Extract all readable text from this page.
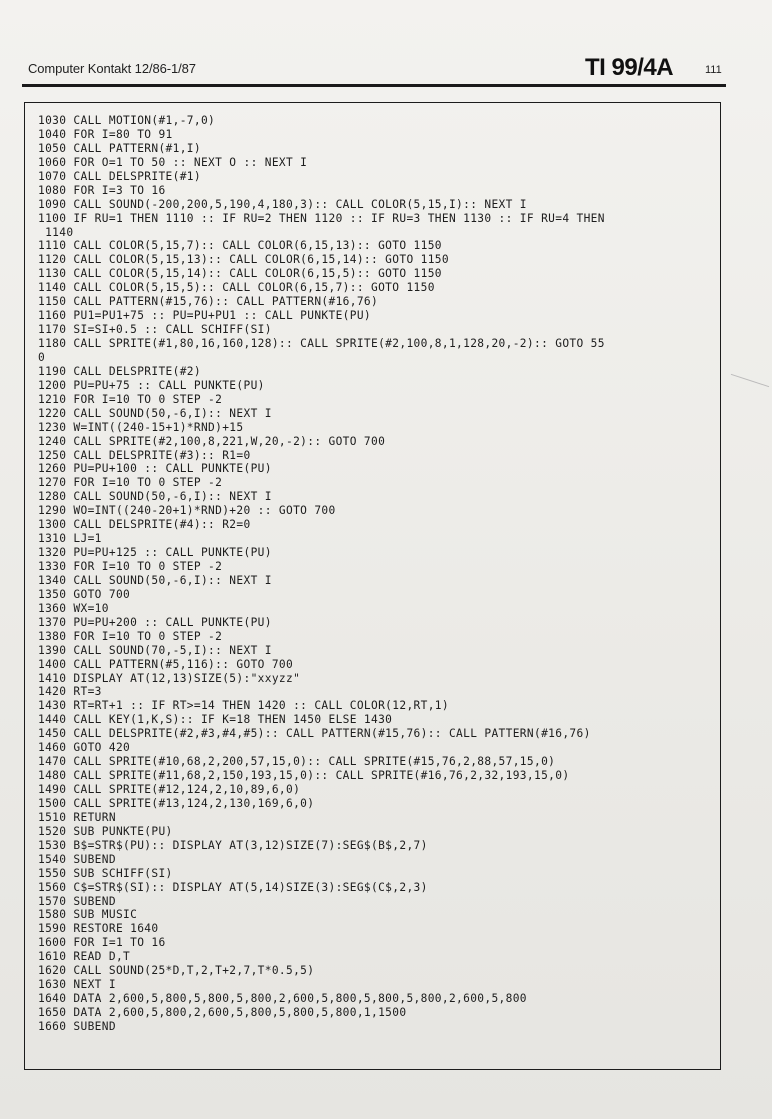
Computer Kontakt 12/86-1/87	TI 99/4A	111
1030 CALL MOTION(#1,-7,0)
1040 FOR I=80 TO 91
1050 CALL PATTERN(#1,I)
1060 FOR O=1 TO 50 :: NEXT O :: NEXT I
1070 CALL DELSPRITE(#1)
1080 FOR I=3 TO 16
1090 CALL SOUND(-200,200,5,190,4,180,3):: CALL COLOR(5,15,I):: NEXT I
1100 IF RU=1 THEN 1110 :: IF RU=2 THEN 1120 :: IF RU=3 THEN 1130 :: IF RU=4 THEN
1140
1110 CALL COLOR(5,15,7):: CALL COLOR(6,15,13):: GOTO 1150
1120 CALL COLOR(5,15,13):: CALL COLOR(6,15,14):: GOTO 1150
1130 CALL COLOR(5,15,14):: CALL COLOR(6,15,5):: GOTO 1150
1140 CALL COLOR(5,15,5):: CALL COLOR(6,15,7):: GOTO 1150
1150 CALL PATTERN(#15,76):: CALL PATTERN(#16,76)
1160 PU1=PU1+75 :: PU=PU+PU1 :: CALL PUNKTE(PU)
1170 SI=SI+0.5 :: CALL SCHIFF(SI)
1180 CALL SPRITE(#1,80,16,160,128):: CALL SPRITE(#2,100,8,1,128,20,-2):: GOTO 55
0
1190 CALL DELSPRITE(#2)
1200 PU=PU+75 :: CALL PUNKTE(PU)
1210 FOR I=10 TO 0 STEP -2
1220 CALL SOUND(50,-6,I):: NEXT I
1230 W=INT((240-15+1)*RND)+15
1240 CALL SPRITE(#2,100,8,221,W,20,-2):: GOTO 700
1250 CALL DELSPRITE(#3):: R1=0
1260 PU=PU+100 :: CALL PUNKTE(PU)
1270 FOR I=10 TO 0 STEP -2
1280 CALL SOUND(50,-6,I):: NEXT I
1290 WO=INT((240-20+1)*RND)+20 :: GOTO 700
1300 CALL DELSPRITE(#4):: R2=0
1310 LJ=1
1320 PU=PU+125 :: CALL PUNKTE(PU)
1330 FOR I=10 TO 0 STEP -2
1340 CALL SOUND(50,-6,I):: NEXT I
1350 GOTO 700
1360 WX=10
1370 PU=PU+200 :: CALL PUNKTE(PU)
1380 FOR I=10 TO 0 STEP -2
1390 CALL SOUND(70,-5,I):: NEXT I
1400 CALL PATTERN(#5,116):: GOTO 700
1410 DISPLAY AT(12,13)SIZE(5):"xxyzz"
1420 RT=3
1430 RT=RT+1 :: IF RT>=14 THEN 1420 :: CALL COLOR(12,RT,1)
1440 CALL KEY(1,K,S):: IF K=18 THEN 1450 ELSE 1430
1450 CALL DELSPRITE(#2,#3,#4,#5):: CALL PATTERN(#15,76):: CALL PATTERN(#16,76)
1460 GOTO 420
1470 CALL SPRITE(#10,68,2,200,57,15,0):: CALL SPRITE(#15,76,2,88,57,15,0)
1480 CALL SPRITE(#11,68,2,150,193,15,0):: CALL SPRITE(#16,76,2,32,193,15,0)
1490 CALL SPRITE(#12,124,2,10,89,6,0)
1500 CALL SPRITE(#13,124,2,130,169,6,0)
1510 RETURN
1520 SUB PUNKTE(PU)
1530 B$=STR$(PU):: DISPLAY AT(3,12)SIZE(7):SEG$(B$,2,7)
1540 SUBEND
1550 SUB SCHIFF(SI)
1560 C$=STR$(SI):: DISPLAY AT(5,14)SIZE(3):SEG$(C$,2,3)
1570 SUBEND
1580 SUB MUSIC
1590 RESTORE 1640
1600 FOR I=1 TO 16
1610 READ D,T
1620 CALL SOUND(25*D,T,2,T+2,7,T*0.5,5)
1630 NEXT I
1640 DATA 2,600,5,800,5,800,5,800,2,600,5,800,5,800,5,800,2,600,5,800
1650 DATA 2,600,5,800,2,600,5,800,5,800,5,800,1,1500
1660 SUBEND
